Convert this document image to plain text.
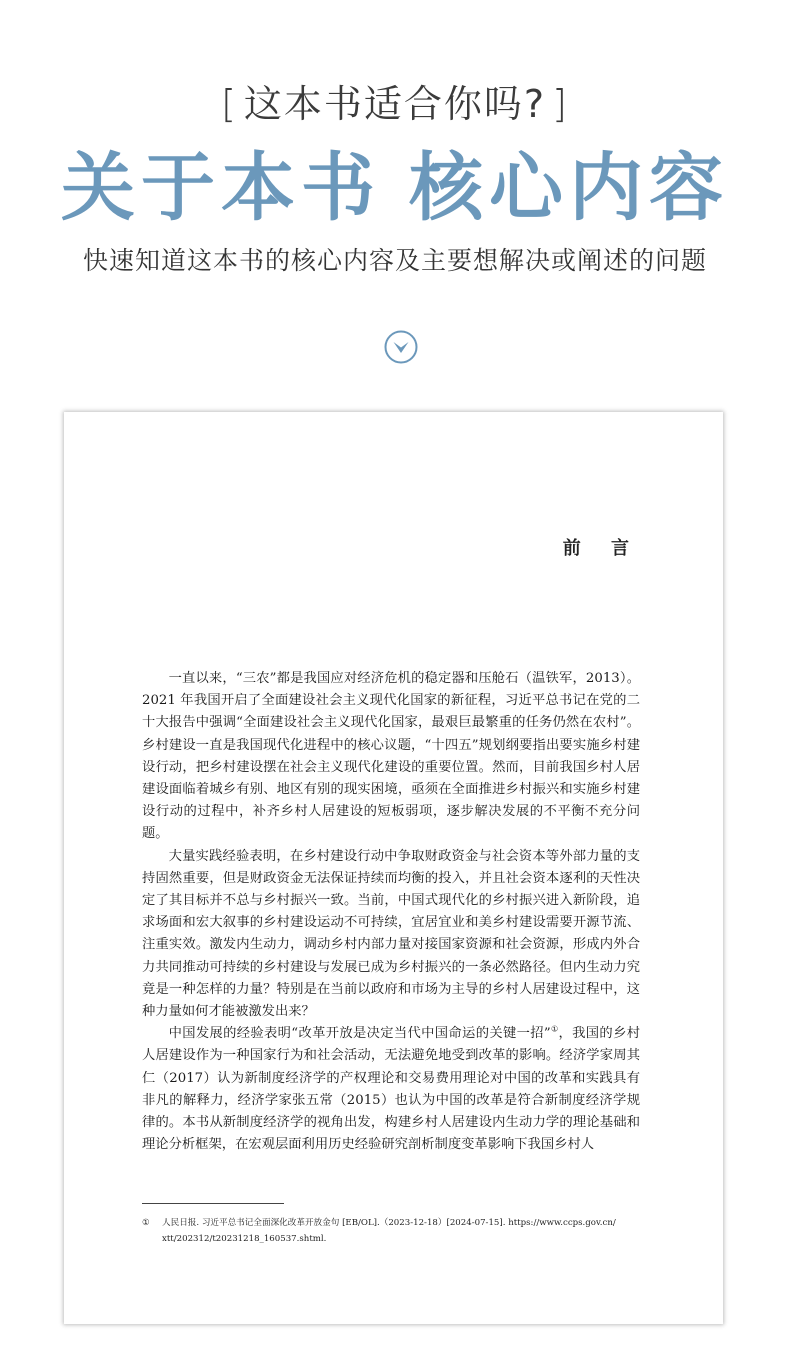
[ 这本书适合你吗? ]
关于本书 核心内容
快速知道这本书的核心内容及主要想解决或阐述的问题
前 言

一直以来，“三农”都是我国应对经济危机的稳定器和压舱石（温铁军，2013）。2021 年我国开启了全面建设社会主义现代化国家的新征程，习近平总书记在党的二十大报告中强调“全面建设社会主义现代化国家，最艰巨最繁重的任务仍然在农村”。乡村建设一直是我国现代化进程中的核心议题，“十四五”规划纲要指出要实施乡村建设行动，把乡村建设摆在社会主义现代化建设的重要位置。然而，目前我国乡村人居建设面临着城乡有别、地区有别的现实困境，亟须在全面推进乡村振兴和实施乡村建设行动的过程中，补齐乡村人居建设的短板弱项，逐步解决发展的不平衡不充分问题。

大量实践经验表明，在乡村建设行动中争取财政资金与社会资本等外部力量的支持固然重要，但是财政资金无法保证持续而均衡的投入，并且社会资本逐利的天性决定了其目标并不总与乡村振兴一致。当前，中国式现代化的乡村振兴进入新阶段，追求场面和宏大叙事的乡村建设运动不可持续，宜居宜业和美乡村建设需要开源节流、注重实效。激发内生动力，调动乡村内部力量对接国家资源和社会资源，形成内外合力共同推动可持续的乡村建设与发展已成为乡村振兴的一条必然路径。但内生动力究竟是一种怎样的力量？特别是在当前以政府和市场为主导的乡村人居建设过程中，这种力量如何才能被激发出来？

中国发展的经验表明“改革开放是决定当代中国命运的关键一招”①，我国的乡村人居建设作为一种国家行为和社会活动，无法避免地受到改革的影响。经济学家周其仁（2017）认为新制度经济学的产权理论和交易费用理论对中国的改革和实践具有非凡的解释力，经济学家张五常（2015）也认为中国的改革是符合新制度经济学规律的。本书从新制度经济学的视角出发，构建乡村人居建设内生动力学的理论基础和理论分析框架，在宏观层面利用历史经验研究剖析制度变革影响下我国乡村人

① 人民日报. 习近平总书记全面深化改革开放金句 [EB/OL].（2023-12-18）[2024-07-15]. https://www.ccps.gov.cn/
xtt/202312/t20231218_160537.shtml.
